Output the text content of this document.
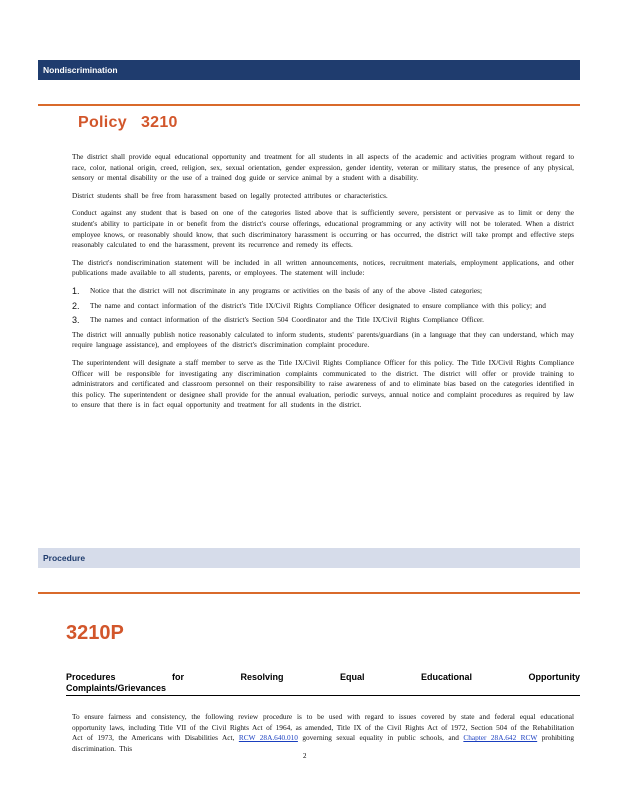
Nondiscrimination
Policy 3210

The district shall provide equal educational opportunity and treatment for all students in all aspects of the academic and activities program without regard to race, color, national origin, creed, religion, sex, sexual orientation, gender expression, gender identity, veteran or military status, the presence of any physical, sensory or mental disability or the use of a trained dog guide or service animal by a student with a disability.

District students shall be free from harassment based on legally protected attributes or characteristics.

Conduct against any student that is based on one of the categories listed above that is sufficiently severe, persistent or pervasive as to limit or deny the student's ability to participate in or benefit from the district's course offerings, educational programming or any activity will not be tolerated. When a district employee knows, or reasonably should know, that such discriminatory harassment is occurring or has occurred, the district will take prompt and effective steps reasonably calculated to end the harassment, prevent its recurrence and remedy its effects.

The district's nondiscrimination statement will be included in all written announcements, notices, recruitment materials, employment applications, and other publications made available to all students, parents, or employees. The statement will include:

1. Notice that the district will not discriminate in any programs or activities on the basis of any of the above -listed categories;
2. The name and contact information of the district's Title IX/Civil Rights Compliance Officer designated to ensure compliance with this policy; and
3. The names and contact information of the district's Section 504 Coordinator and the Title IX/Civil Rights Compliance Officer.

The district will annually publish notice reasonably calculated to inform students, students' parents/guardians (in a language that they can understand, which may require language assistance), and employees of the district's discrimination complaint procedure.

The superintendent will designate a staff member to serve as the Title IX/Civil Rights Compliance Officer for this policy. The Title IX/Civil Rights Compliance Officer will be responsible for investigating any discrimination complaints communicated to the district. The district will offer or provide training to administrators and certificated and classroom personnel on their responsibility to raise awareness of and to eliminate bias based on the categories identified in this policy. The superintendent or designee shall provide for the annual evaluation, periodic surveys, annual notice and complaint procedures as required by law to ensure that there is in fact equal opportunity and treatment for all students in the district.

Procedure
3210P
Procedures	for	Resolving	Equal	Educational	Opportunity
Complaints/Grievances
To ensure fairness and consistency, the following review procedure is to be used with regard to issues covered by state and federal equal educational opportunity laws, including Title VII of the Civil Rights Act of 1964, as amended, Title IX of the Civil Rights Act of 1972, Section 504 of the Rehabilitation Act of 1973, the Americans with Disabilities Act, RCW 28A.640.010 governing sexual equality in public schools, and Chapter 28A.642 RCW prohibiting discrimination. This
2
